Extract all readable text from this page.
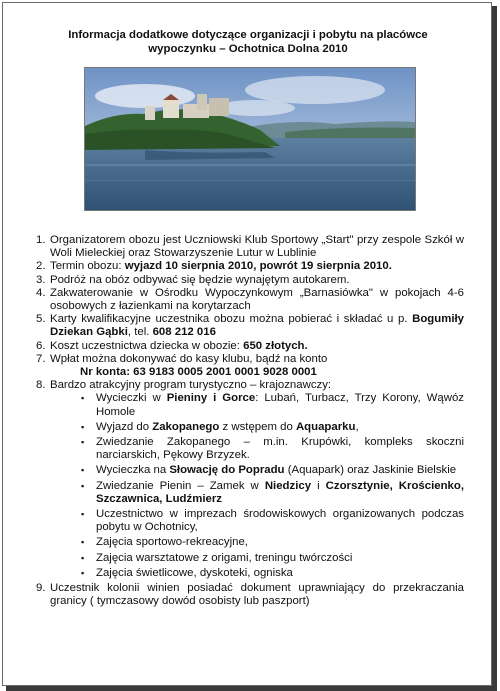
Informacja dodatkowe dotyczące organizacji i pobytu na placówce
wypoczynku – Ochotnica Dolna 2010
1. Organizatorem obozu jest Uczniowski Klub Sportowy „Start" przy zespole Szkół w Woli Mieleckiej oraz Stowarzyszenie Lutur w Lublinie
2. Termin obozu: wyjazd 10 sierpnia 2010, powrót 19 sierpnia 2010.
3. Podróż na obóz odbywać się będzie wynajętym autokarem.
4. Zakwaterowanie w Ośrodku Wypoczynkowym „Barnasiówka" w pokojach 4-6 osobowych z łazienkami na korytarzach
5. Karty kwalifikacyjne uczestnika obozu można pobierać i składać u p. Bogumiły Dziekan Gąbki, tel. 608 212 016
6. Koszt uczestnictwa dziecka w obozie: 650 złotych.
7. Wpłat można dokonywać do kasy klubu, bądź na konto
Nr konta: 63 9183 0005 2001 0001 9028 0001
8. Bardzo atrakcyjny program turystyczno – krajoznawczy:
▪ Wycieczki w Pieniny i Gorce: Lubań, Turbacz, Trzy Korony, Wąwóz Homole
▪ Wyjazd do Zakopanego z wstępem do Aquaparku,
▪ Zwiedzanie Zakopanego – m.in. Krupówki, kompleks skoczni narciarskich, Pękowy Brzyzek.
▪ Wycieczka na Słowację do Popradu (Aquapark) oraz Jaskinie Bielskie
▪ Zwiedzanie Pienin – Zamek w Niedzicy i Czorsztynie, Krościenko, Szczawnica, Ludźmierz
▪ Uczestnictwo w imprezach środowiskowych organizowanych podczas pobytu w Ochotnicy,
▪ Zajęcia sportowo-rekreacyjne,
▪ Zajęcia warsztatowe z origami, treningu twórczości
▪ Zajęcia świetlicowe, dyskoteki, ogniska
9. Uczestnik kolonii winien posiadać dokument uprawniający do przekraczania granicy ( tymczasowy dowód osobisty lub paszport)
